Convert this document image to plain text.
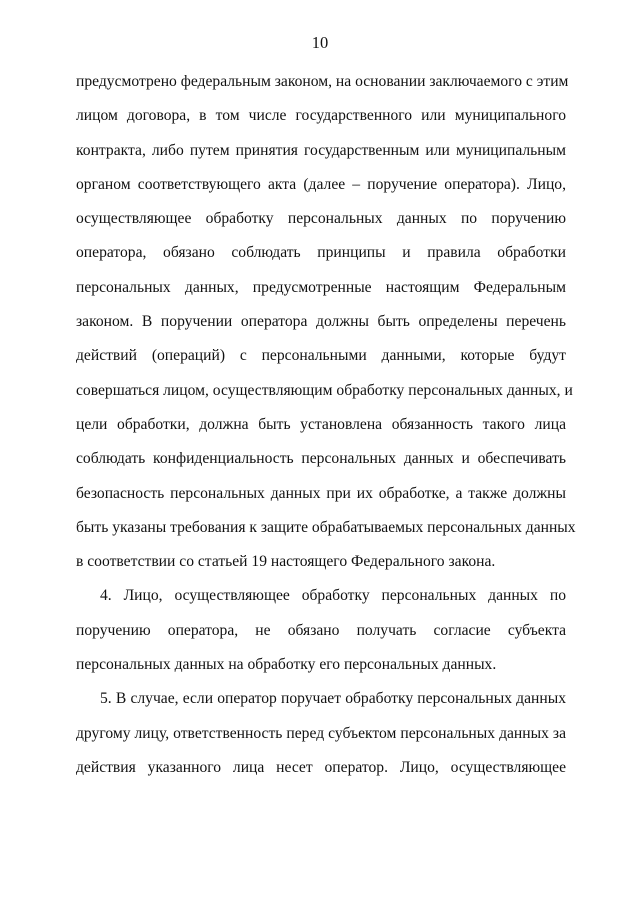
10
предусмотрено федеральным законом, на основании заключаемого с этим
лицом договора, в том числе государственного или муниципального
контракта, либо путем принятия государственным или муниципальным
органом соответствующего акта (далее – поручение оператора). Лицо,
осуществляющее обработку персональных данных по поручению
оператора, обязано соблюдать принципы и правила обработки
персональных данных, предусмотренные настоящим Федеральным
законом. В поручении оператора должны быть определены перечень
действий (операций) с персональными данными, которые будут
совершаться лицом, осуществляющим обработку персональных данных, и
цели обработки, должна быть установлена обязанность такого лица
соблюдать конфиденциальность персональных данных и обеспечивать
безопасность персональных данных при их обработке, а также должны
быть указаны требования к защите обрабатываемых персональных данных
в соответствии со статьей 19 настоящего Федерального закона.
4. Лицо, осуществляющее обработку персональных данных по
поручению оператора, не обязано получать согласие субъекта
персональных данных на обработку его персональных данных.
5. В случае, если оператор поручает обработку персональных данных
другому лицу, ответственность перед субъектом персональных данных за
действия указанного лица несет оператор. Лицо, осуществляющее
